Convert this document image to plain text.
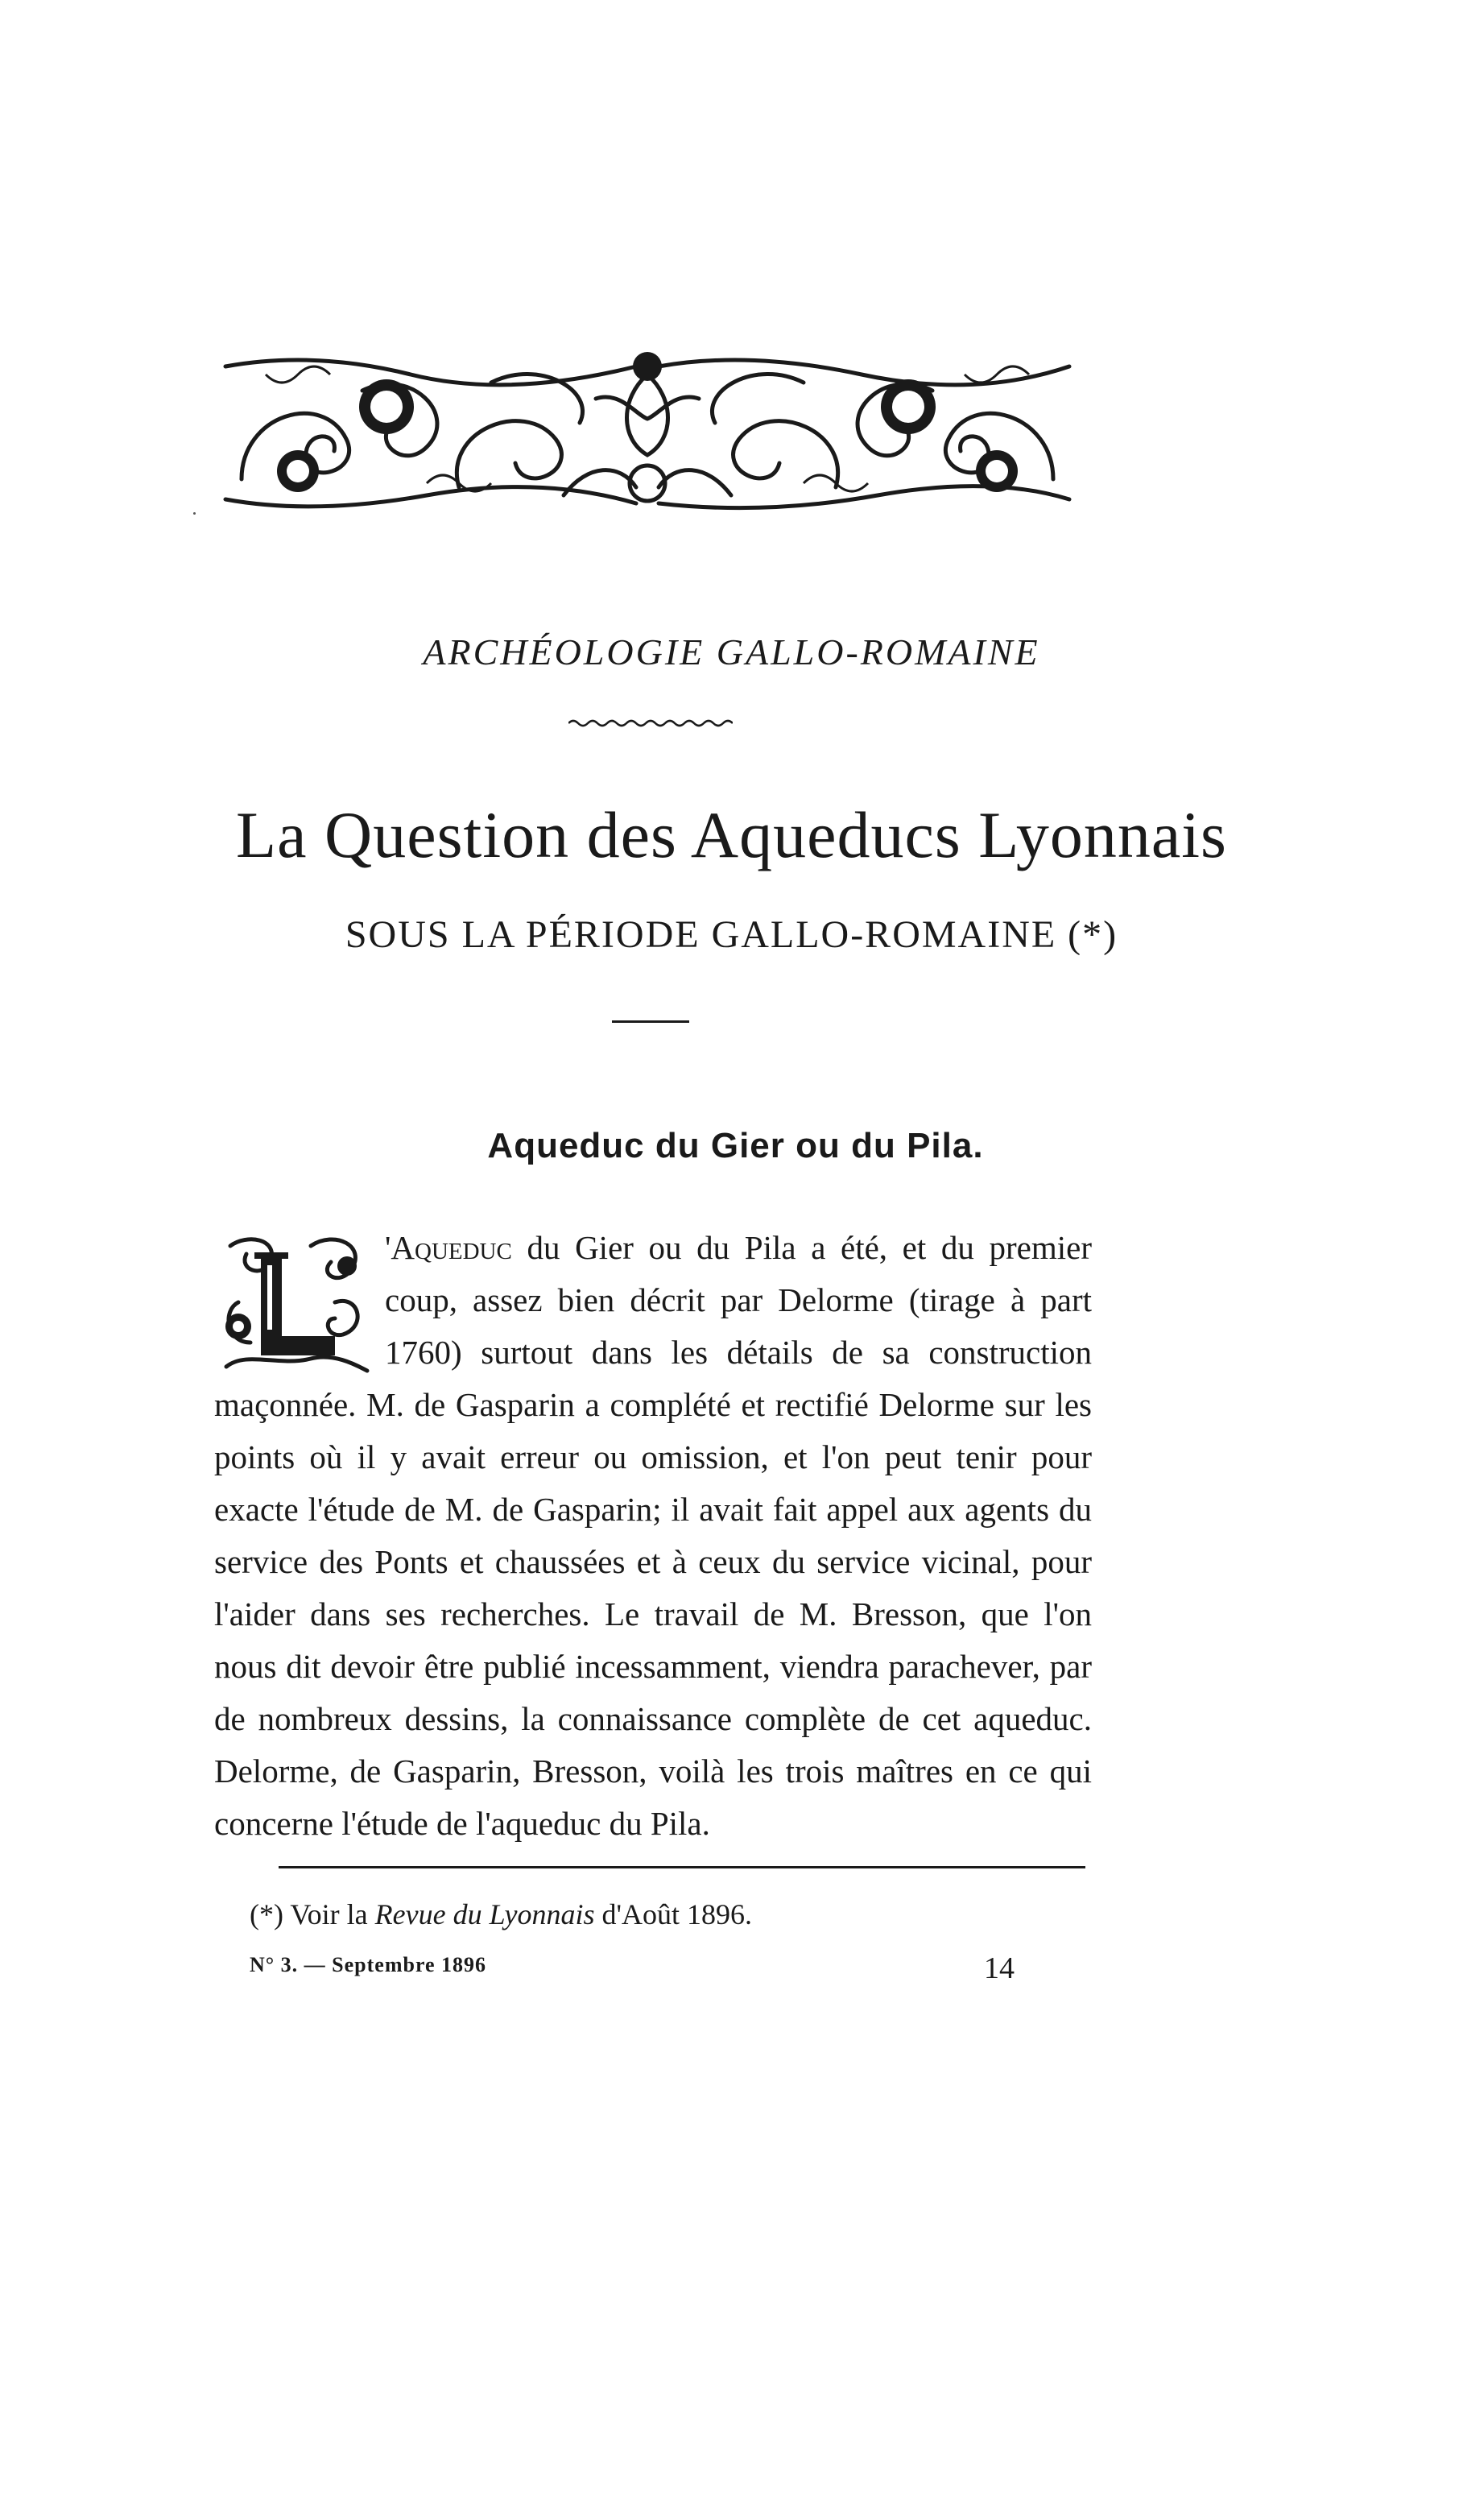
ARCHÉOLOGIE GALLO-ROMAINE
La Question des Aqueducs Lyonnais
SOUS LA PÉRIODE GALLO-ROMAINE (*)
Aqueduc du Gier ou du Pila.
'Aqueduc du Gier ou du Pila a été, et du premier coup, assez bien décrit par Delorme (tirage à part 1760) surtout dans les détails de sa construction maçonnée. M. de Gasparin a complété et rectifié Delorme sur les points où il y avait erreur ou omission, et l'on peut tenir pour exacte l'étude de M. de Gasparin; il avait fait appel aux agents du service des Ponts et chaussées et à ceux du service vicinal, pour l'aider dans ses recherches. Le travail de M. Bresson, que l'on nous dit devoir être publié incessamment, viendra parachever, par de nombreux dessins, la connaissance complète de cet aqueduc. Delorme, de Gasparin, Bresson, voilà les trois maîtres en ce qui concerne l'étude de l'aqueduc du Pila.
(*) Voir la Revue du Lyonnais d'Août 1896.
N° 3. — Septembre 1896	14
